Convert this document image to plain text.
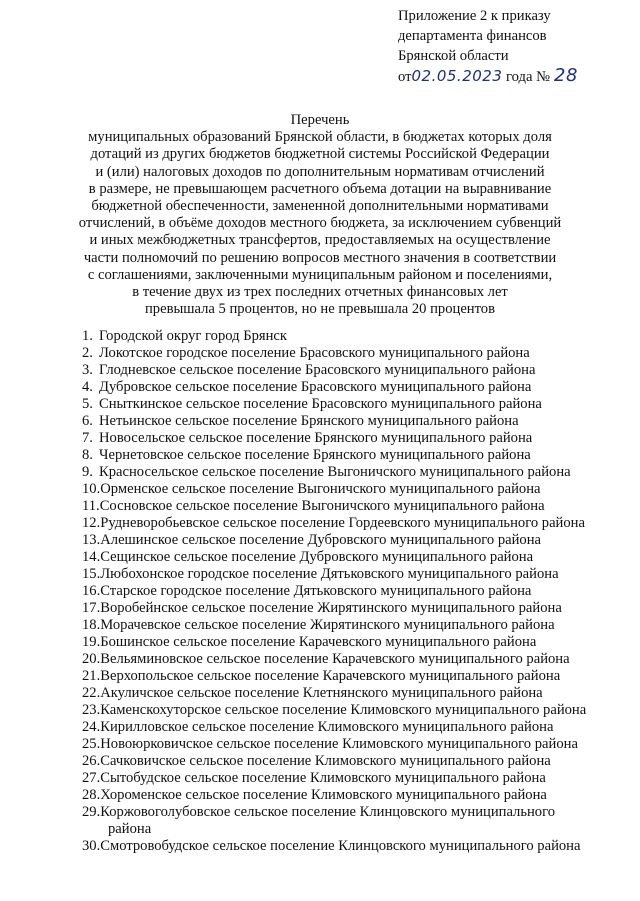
Приложение 2 к приказу
департамента финансов
Брянской области
от02.05.2023 года № 28
Перечень
муниципальных образований Брянской области, в бюджетах которых доля
дотаций из других бюджетов бюджетной системы Российской Федерации
и (или) налоговых доходов по дополнительным нормативам отчислений
в размере, не превышающем расчетного объема дотации на выравнивание
бюджетной обеспеченности, замененной дополнительными нормативами
отчислений, в объёме доходов местного бюджета, за исключением субвенций
и иных межбюджетных трансфертов, предоставляемых на осуществление
части полномочий по решению вопросов местного значения в соответствии
с соглашениями, заключенными муниципальным районом и поселениями,
в течение двух из трех последних отчетных финансовых лет
превышала 5 процентов, но не превышала 20 процентов
1. Городской округ город Брянск
2. Локотское городское поселение Брасовского муниципального района
3. Глодневское сельское поселение Брасовского муниципального района
4. Дубровское сельское поселение Брасовского муниципального района
5. Сныткинское сельское поселение Брасовского муниципального района
6. Нетьинское сельское поселение Брянского муниципального района
7. Новосельское сельское поселение Брянского муниципального района
8. Чернетовское сельское поселение Брянского муниципального района
9. Красносельское сельское поселение Выгоничского муниципального района
10.Орменское сельское поселение Выгоничского муниципального района
11.Сосновское сельское поселение Выгоничского муниципального района
12.Рудневоробьевское сельское поселение Гордеевского муниципального района
13.Алешинское сельское поселение Дубровского муниципального района
14.Сещинское сельское поселение Дубровского муниципального района
15.Любохонское городское поселение Дятьковского муниципального района
16.Старское городское поселение Дятьковского муниципального района
17.Воробейнское сельское поселение Жирятинского муниципального района
18.Морачевское сельское поселение Жирятинского муниципального района
19.Бошинское сельское поселение Карачевского муниципального района
20.Вельяминовское сельское поселение Карачевского муниципального района
21.Верхопольское сельское поселение Карачевского муниципального района
22.Акуличское сельское поселение Клетнянского муниципального района
23.Каменскохуторское сельское поселение Климовского муниципального района
24.Кирилловское сельское поселение Климовского муниципального района
25.Новоюрковичское сельское поселение Климовского муниципального района
26.Сачковичское сельское поселение Климовского муниципального района
27.Сытобудское сельское поселение Климовского муниципального района
28.Хороменское сельское поселение Климовского муниципального района
29.Коржовоголубовское сельское поселение Клинцовского муниципального
района
30.Смотровобудское сельское поселение Клинцовского муниципального района
